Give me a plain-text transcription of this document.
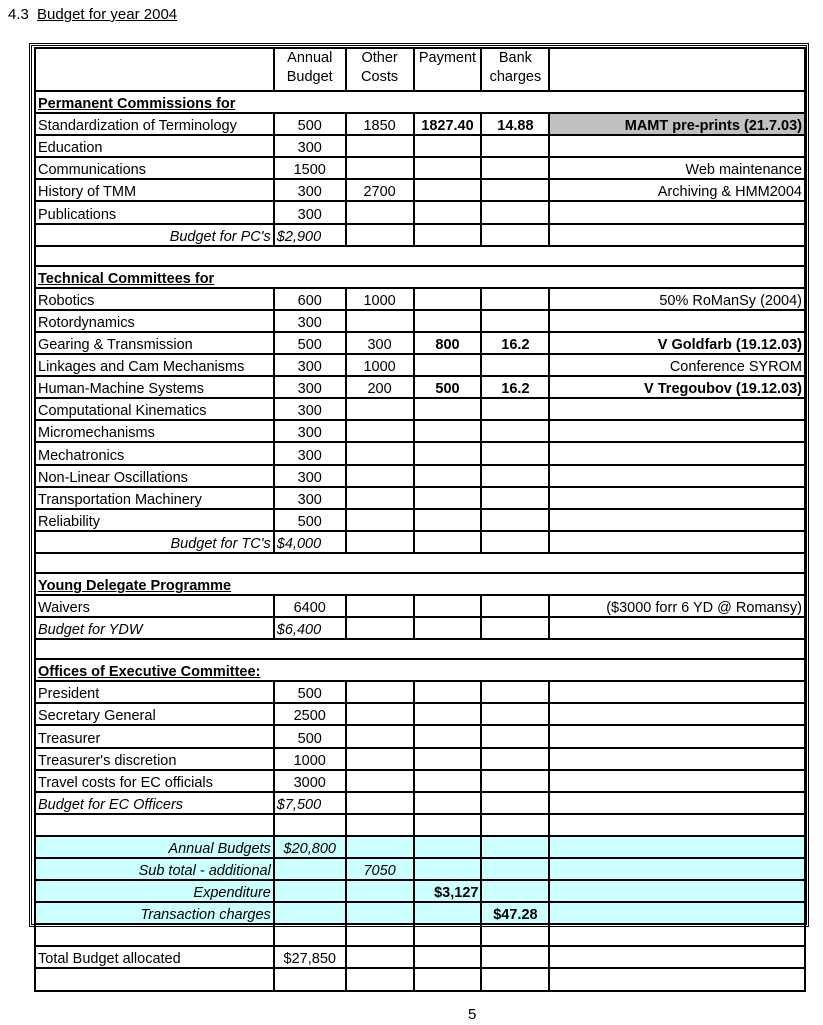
4.3 Budget for year 2004
	Annual Budget	Other Costs	Payment	Bank charges	
Permanent Commissions for					
Standardization of Terminology	500	1850	1827.40	14.88	MAMT pre-prints (21.7.03)
Education	300				
Communications	1500				Web maintenance
History of TMM	300	2700			Archiving & HMM2004
Publications	300				
Budget for PC's	$2,900				

Technical Committees for					
Robotics	600	1000			50% RoManSy (2004)
Rotordynamics	300				
Gearing & Transmission	500	300	800	16.2	V Goldfarb (19.12.03)
Linkages and Cam Mechanisms	300	1000			Conference SYROM
Human-Machine Systems	300	200	500	16.2	V Tregoubov (19.12.03)
Computational Kinematics	300				
Micromechanisms	300				
Mechatronics	300				
Non-Linear Oscillations	300				
Transportation Machinery	300				
Reliability	500				
Budget for TC's	$4,000				

Young Delegate Programme					
Waivers	6400				($3000 forr 6 YD @ Romansy)
Budget for YDW	$6,400				

Offices of Executive Committee:					
President	500				
Secretary General	2500				
Treasurer	500				
Treasurer's discretion	1000				
Travel costs for EC officials	3000				
Budget for EC Officers	$7,500				

Annual Budgets	$20,800				
Sub total - additional		7050			
Expenditure			$3,127		
Transaction charges				$47.28	

Total Budget allocated	$27,850				

5
